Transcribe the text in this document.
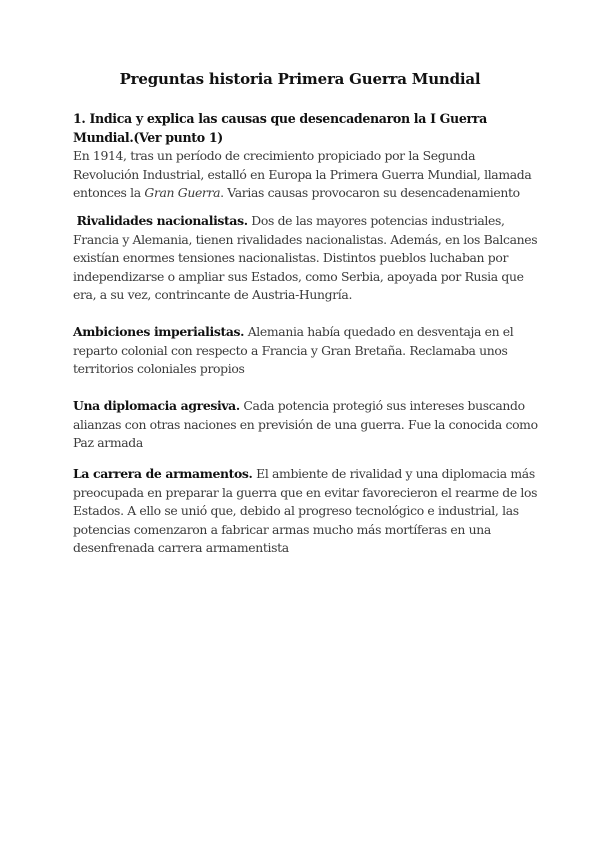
Preguntas historia Primera Guerra Mundial
1. Indica y explica las causas que desencadenaron la I Guerra Mundial.(Ver punto 1)
En 1914, tras un período de crecimiento propiciado por la Segunda Revolución Industrial, estalló en Europa la Primera Guerra Mundial, llamada entonces la Gran Guerra. Varias causas provocaron su desencadenamiento
Rivalidades nacionalistas. Dos de las mayores potencias industriales, Francia y Alemania, tienen rivalidades nacionalistas. Además, en los Balcanes existían enormes tensiones nacionalistas. Distintos pueblos luchaban por independizarse o ampliar sus Estados, como Serbia, apoyada por Rusia que era, a su vez, contrincante de Austria-Hungría.
Ambiciones imperialistas. Alemania había quedado en desventaja en el reparto colonial con respecto a Francia y Gran Bretaña. Reclamaba unos territorios coloniales propios
Una diplomacia agresiva. Cada potencia protegió sus intereses buscando alianzas con otras naciones en previsión de una guerra. Fue la conocida como Paz armada
La carrera de armamentos. El ambiente de rivalidad y una diplomacia más preocupada en preparar la guerra que en evitar favorecieron el rearme de los Estados. A ello se unió que, debido al progreso tecnológico e industrial, las potencias comenzaron a fabricar armas mucho más mortíferas en una desenfrenada carrera armamentista
